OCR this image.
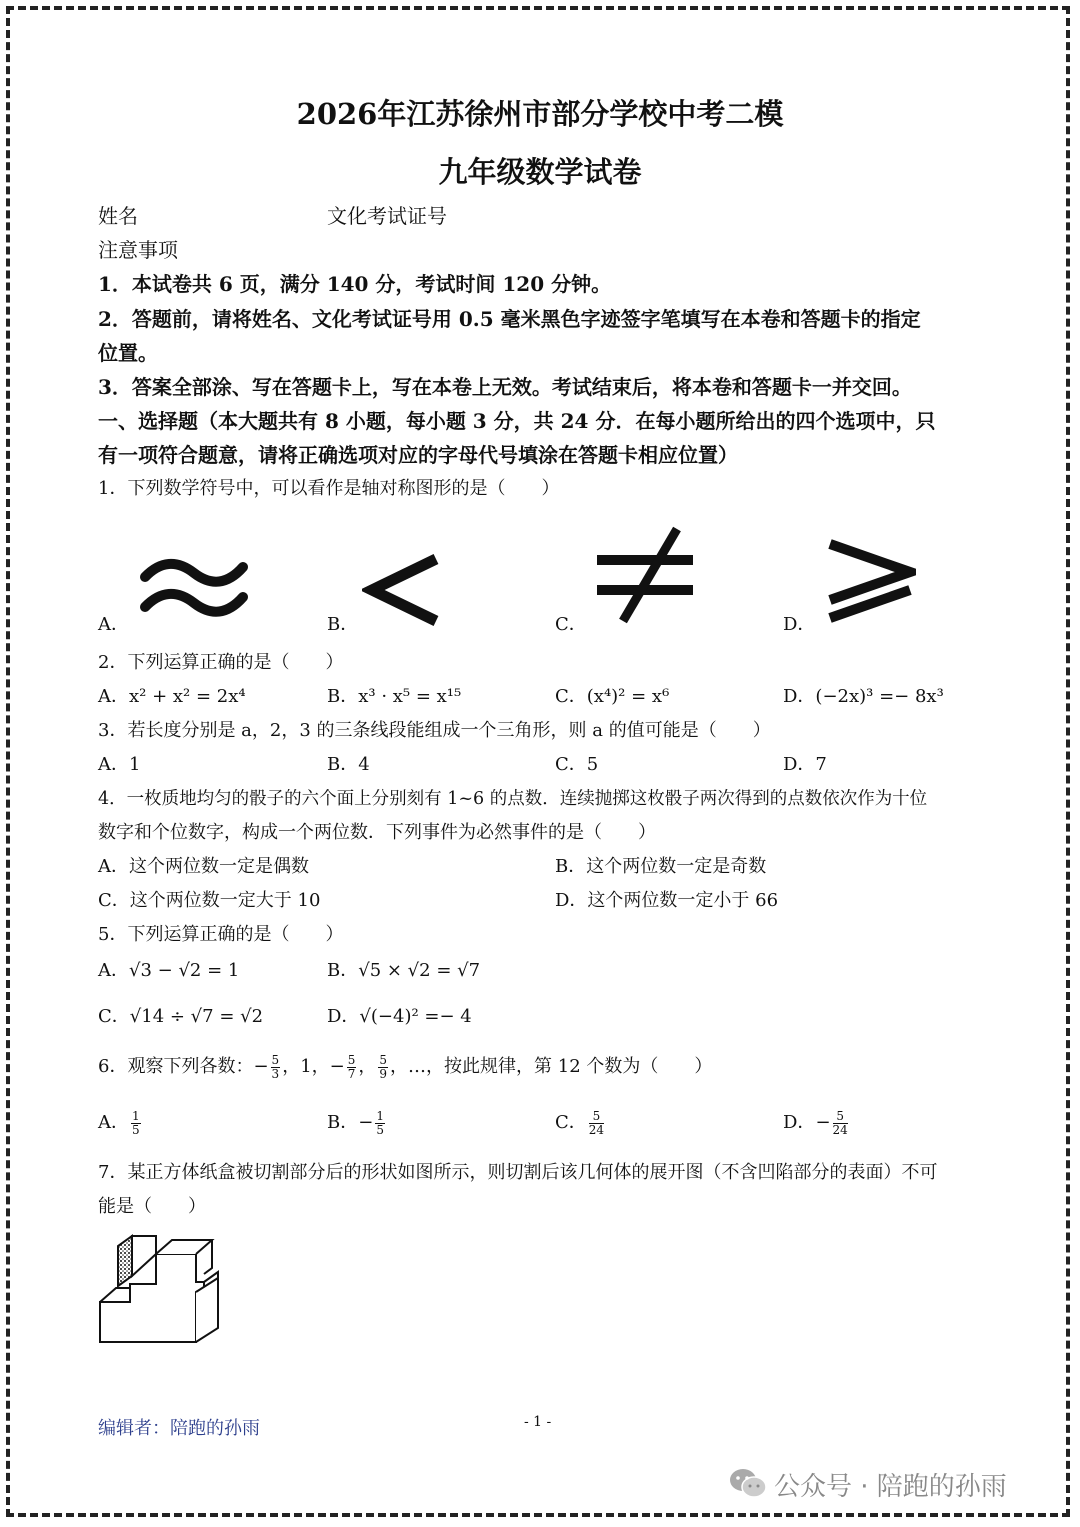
2026年江苏徐州市部分学校中考二模
九年级数学试卷
姓名	文化考试证号
注意事项
1．本试卷共 6 页，满分 140 分，考试时间 120 分钟。
2．答题前，请将姓名、文化考试证号用 0.5 毫米黑色字迹签字笔填写在本卷和答题卡的指定
位置。
3．答案全部涂、写在答题卡上，写在本卷上无效。考试结束后，将本卷和答题卡一并交回。
一、选择题（本大题共有 8 小题，每小题 3 分，共 24 分．在每小题所给出的四个选项中，只
有一项符合题意，请将正确选项对应的字母代号填涂在答题卡相应位置）
1．下列数学符号中，可以看作是轴对称图形的是（　　）
A．	B．	C．	D．
2．下列运算正确的是（　　）
A．x² + x² = 2x⁴	B．x³ · x⁵ = x¹⁵	C．(x⁴)² = x⁶	D．(−2x)³ =− 8x³
3．若长度分别是 a，2，3 的三条线段能组成一个三角形，则 a 的值可能是（　　）
A．1	B．4	C．5	D．7
4．一枚质地均匀的骰子的六个面上分别刻有 1~6 的点数．连续抛掷这枚骰子两次得到的点数依次作为十位
数字和个位数字，构成一个两位数．下列事件为必然事件的是（　　）
A．这个两位数一定是偶数	B．这个两位数一定是奇数
C．这个两位数一定大于 10	D．这个两位数一定小于 66
5．下列运算正确的是（　　）
A．√3 − √2 = 1	B．√5 × √2 = √7
C．√14 ÷ √7 = √2	D．√(−4)² =− 4
6．观察下列各数：− $\frac{5}{3}$ ，1，− $\frac{5}{7}$ ， $\frac{5}{9}$ ，…，按此规律，第 12 个数为（　　）
A． $\frac{1}{5}$	B．− $\frac{1}{5}$	C． $\frac{5}{24}$	D．− $\frac{5}{24}$
7．某正方体纸盒被切割部分后的形状如图所示，则切割后该几何体的展开图（不含凹陷部分的表面）不可
能是（　　）
编辑者：陪跑的孙雨	- 1 -
公众号 · 陪跑的孙雨
